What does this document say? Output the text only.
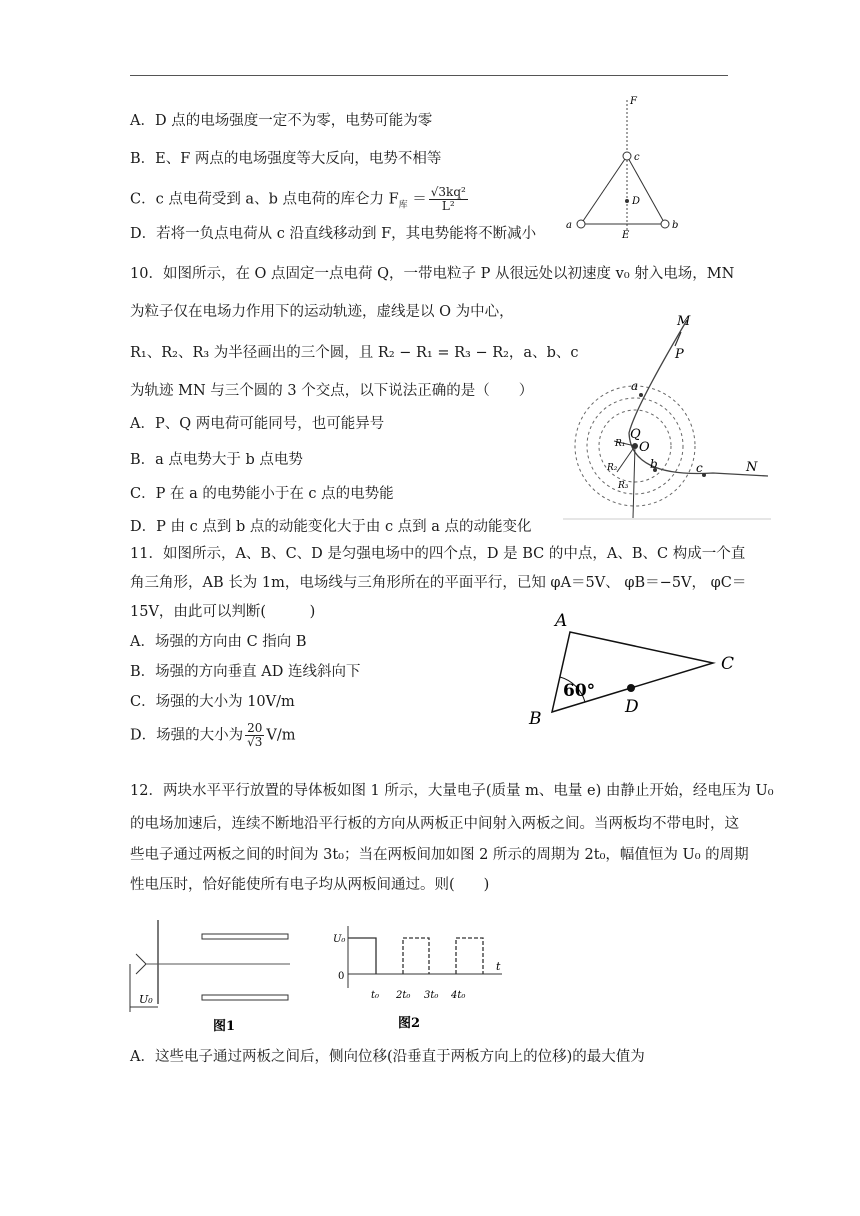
A．D 点的电场强度一定不为零，电势可能为零
B．E、F 两点的电场强度等大反向，电势不相等
C．c 点电荷受到 a、b 点电荷的库仑力 $F_库 = \frac{\text{√3kq²}}{\text{L²}}$
D．若将一负点电荷从 c 沿直线移动到 F，其电势能将不断减小
F
c
D
a	b
E
10．如图所示，在 O 点固定一点电荷 Q，一带电粒子 P 从很远处以初速度 v₀ 射入电场，MN
为粒子仅在电场力作用下的运动轨迹，虚线是以 O 为中心，
R₁、R₂、R₃ 为半径画出的三个圆，且 R₂ − R₁ = R₃ − R₂，a、b、c
为轨迹 MN 与三个圆的 3 个交点，以下说法正确的是（　　）
A．P、Q 两电荷可能同号，也可能异号
B．a 点电势大于 b 点电势
C．P 在 a 的电势能小于在 c 点的电势能
D．P 由 c 点到 b 点的动能变化大于由 c 点到 a 点的动能变化
M
P
a
Q
O
b	c	N
R₁
R₂
R₃
11．如图所示，A、B、C、D 是匀强电场中的四个点，D 是 BC 的中点，A、B、C 构成一个直
角三角形，AB 长为 1m，电场线与三角形所在的平面平行，已知 φA＝5V、 φB＝−5V， φC＝
15V，由此可以判断(　　　)
A．场强的方向由 C 指向 B
B．场强的方向垂直 AD 连线斜向下
C．场强的大小为 10V/m
D．场强的大小为 $\frac{20}{√3} V/m$
A
B
C
D
60°
12．两块水平平行放置的导体板如图 1 所示，大量电子(质量 m、电量 e) 由静止开始，经电压为 U₀
的电场加速后，连续不断地沿平行板的方向从两板正中间射入两板之间。当两板均不带电时，这
些电子通过两板之间的时间为 3t₀；当在两板间加如图 2 所示的周期为 2t₀，幅值恒为 U₀ 的周期
性电压时，恰好能使所有电子均从两板间通过。则(　　)
U₀
图1
U₀
0
t
t₀ 2t₀ 3t₀ 4t₀
图2
A．这些电子通过两板之间后，侧向位移(沿垂直于两板方向上的位移)的最大值为
